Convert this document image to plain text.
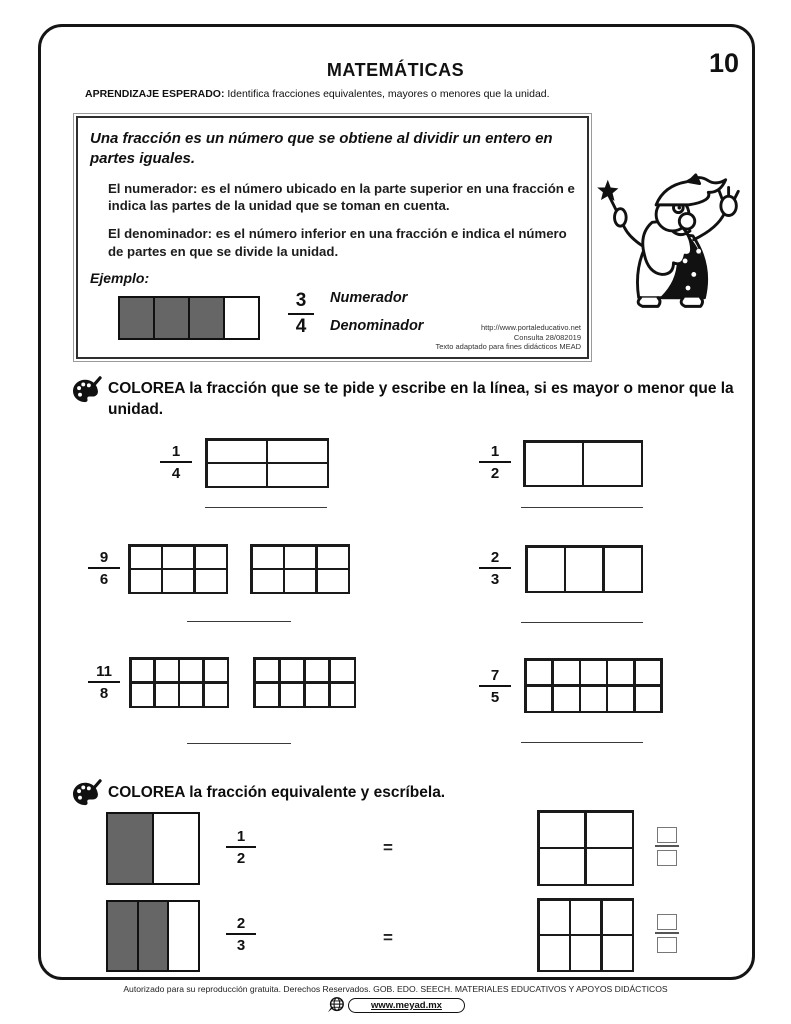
10
MATEMÁTICAS
APRENDIZAJE ESPERADO: Identifica fracciones equivalentes, mayores o menores que la unidad.

Una fracción es un número que se obtiene al dividir un entero en partes iguales.

El numerador: es el número ubicado en la parte superior en una fracción e indica las partes de la unidad que se toman en cuenta.

El denominador: es el número inferior en una fracción e indica el número de partes en que se divide la unidad.

Ejemplo:

$\frac{3}{4}$ Numerador
Denominador	http://www.portaleducativo.net
Consulta 28/082019
Texto adaptado para fines didácticos MEAD
COLOREA la fracción que se te pide y escribe en la línea, si es mayor o menor que la unidad.
$\frac{1}{4}$	$\frac{1}{2}$
$\frac{9}{6}$	$\frac{2}{3}$
$\frac{11}{8}$	$\frac{7}{5}$
COLOREA la fracción equivalente y escríbela.
$\frac{1}{2}$	=
$\frac{2}{3}$	=
Autorizado para su reproducción gratuita. Derechos Reservados. GOB. EDO. SEECH. MATERIALES EDUCATIVOS Y APOYOS DIDÁCTICOS
www.meyad.mx
